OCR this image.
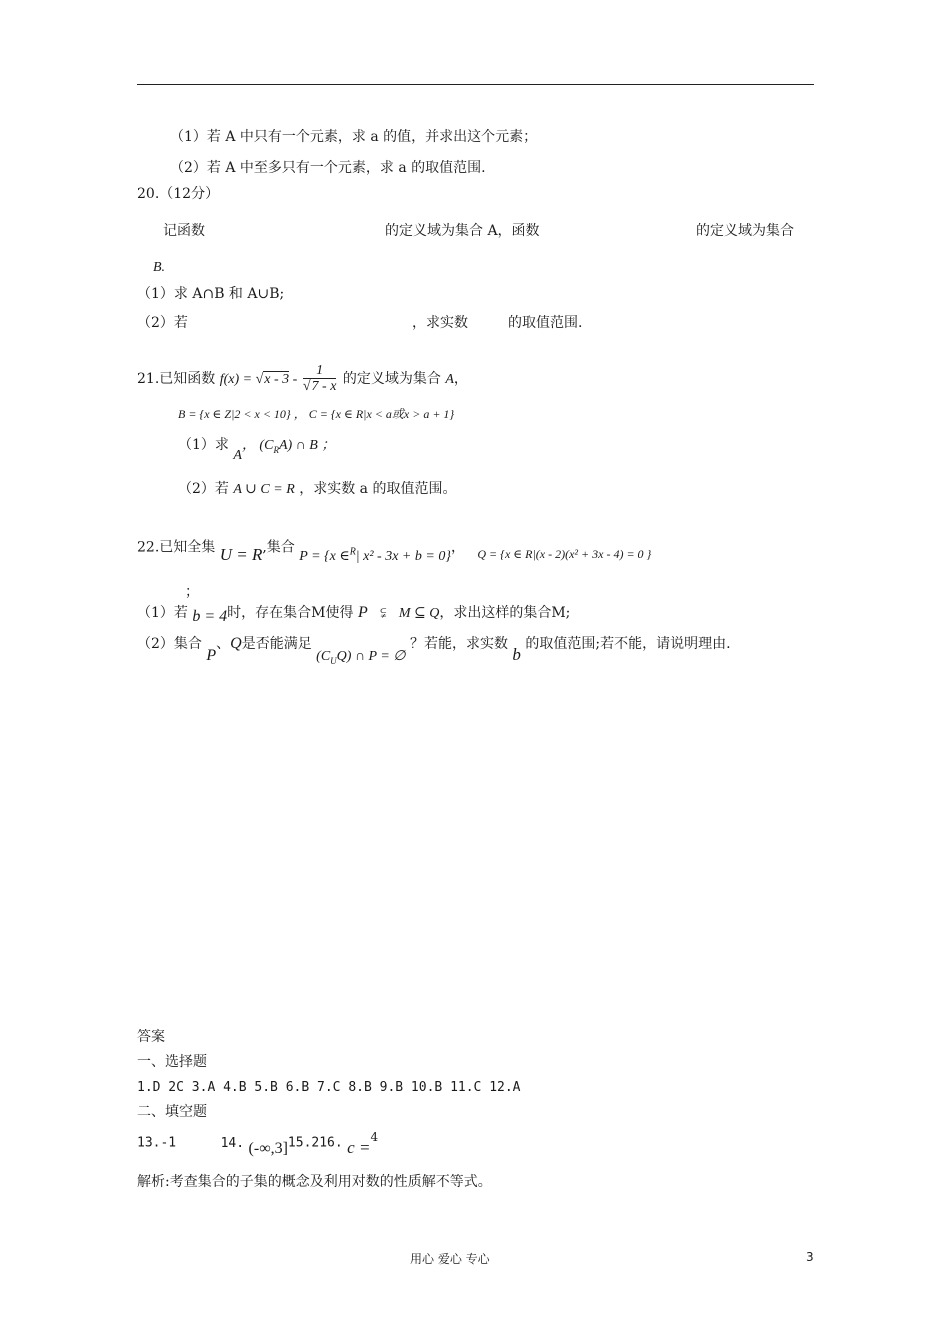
（1）若 A 中只有一个元素，求 a 的值，并求出这个元素；
（2）若 A 中至多只有一个元素，求 a 的取值范围.
20.（12分）
记函数	的定义域为集合 A，函数	的定义域为集合
B.
（1）求 A∩B 和 A∪B;
（2）若	，求实数	的取值范围.
21.已知函数 $f(x) = √x - 3 - \frac{1}{√7 - x}$ 的定义域为集合 A，
B = {x ∈ Z|2 < x < 10} ， C = {x ∈ R|x < a或x > a + 1}
（1）求 A， $(C_RA)$ ∩ B ；
（2）若 A ∪ C = R ，求实数 a 的取值范围。
22.已知全集 U = R,集合 P = {x ∈$^R$| x² - 3x + b = 0}， Q = {x ∈ R|(x - 2)(x² + 3x - 4) = 0 }
；
（1）若 b = 4时，存在集合M使得 P ⫋ M ⊆ Q，求出这样的集合M;
（2）集合 P、Q是否能满足 $(C_UQ)$ ∩ P = ∅ ？若能，求实数 b 的取值范围;若不能，请说明理由.
答案
一、选择题
1.D 2C 3.A 4.B 5.B 6.B 7.C 8.B 9.B 10.B 11.C 12.A
二、填空题
13.-1	14. (-∞,3]15.216. c =4
解析:考查集合的子集的概念及利用对数的性质解不等式。
用心 爱心 专心	3
